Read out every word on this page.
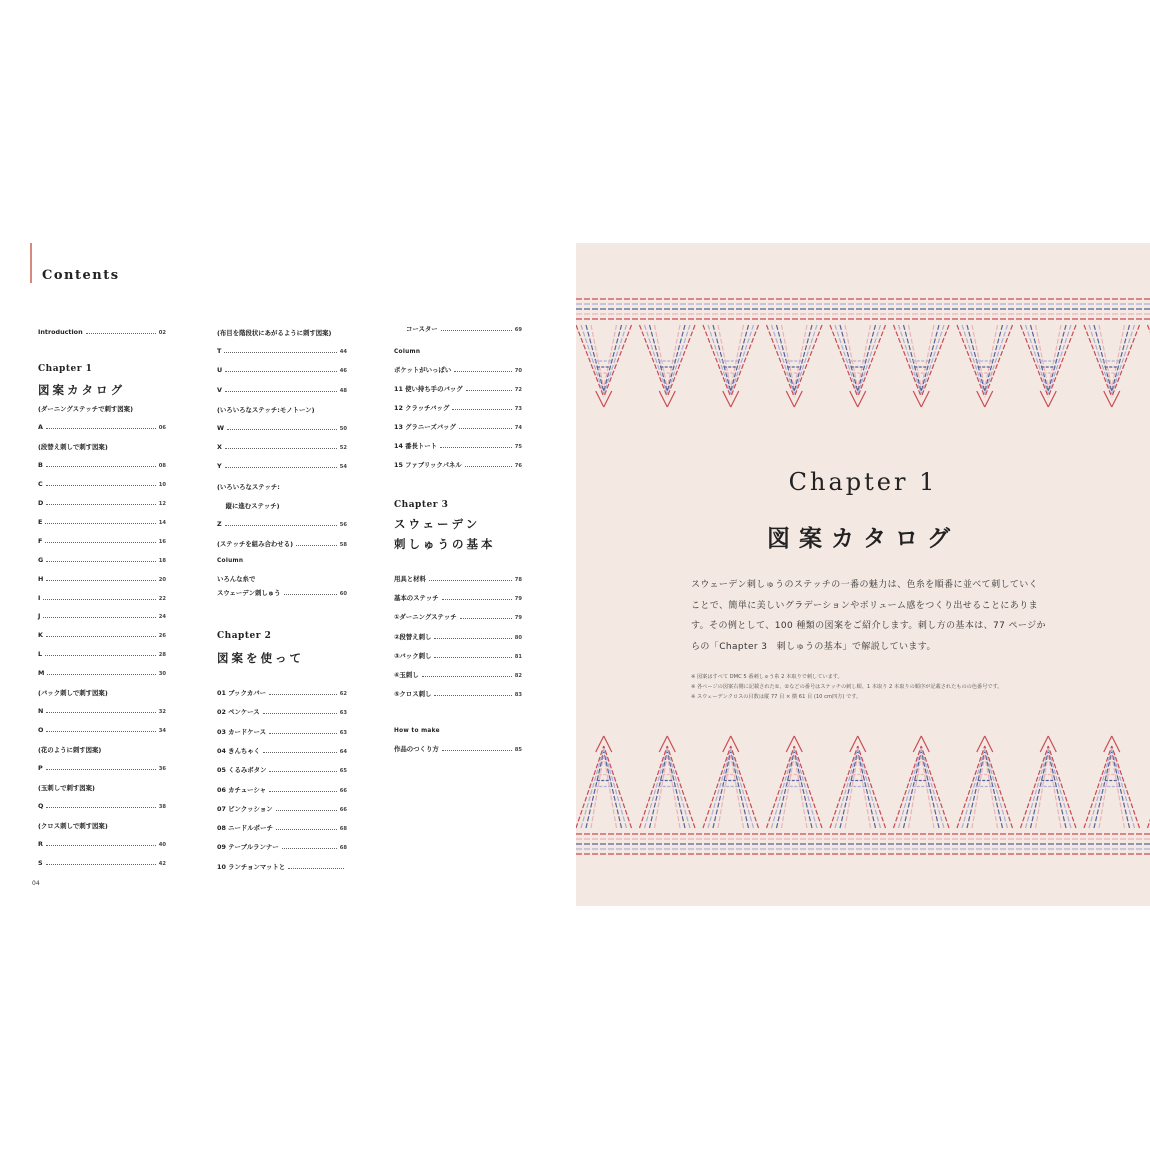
Contents
Introduction	02
Chapter 1
図案カタログ
(ダーニングステッチで刺す図案)
A	06
(段替え刺しで刺す図案)
B	08
C	10
D	12
E	14
F	16
G	18
H	20
I	22
J	24
K	26
L	28
M	30
(バック刺しで刺す図案)
N	32
O	34
(花のように刺す図案)
P	36
(玉刺しで刺す図案)
Q	38
(クロス刺しで刺す図案)
R	40
S	42
(布目を階段状にあがるように刺す図案)
T	44
U	46
V	48
(いろいろなステッチ:モノトーン)
W	50
X	52
Y	54
(いろいろなステッチ:
　 縦に進むステッチ)
Z	56
(ステッチを組み合わせる)	58
Column
いろんな糸で
スウェーデン刺しゅう	60
Chapter 2
図案を使って
01 ブックカバー	62
02 ペンケース	63
03 カードケース	63
04 きんちゃく	64
05 くるみボタン	65
06 カチューシャ	66
07 ピンクッション	66
08 ニードルポーチ	68
09 テーブルランナー	68
10 ランチョンマットと
コースター	69
Column
ポケットがいっぱい	70
11 使い持ち手のバッグ	72
12 クラッチバッグ	73
13 グラニーズバッグ	74
14 番長トート	75
15 ファブリックパネル	76
Chapter 3
スウェーデン
刺しゅうの基本
用具と材料	78
基本のステッチ	79
①ダーニングステッチ	79
②段替え刺し	80
③バック刺し	81
④玉刺し	82
⑤クロス刺し	83
How to make
作品のつくり方	85
04
Chapter 1
図案カタログ
スウェーデン刺しゅうのステッチの一番の魅力は、色糸を順番に並べて刺していく
ことで、簡単に美しいグラデーションやボリューム感をつくり出せることにありま
す。その例として、100 種類の図案をご紹介します。刺し方の基本は、77 ページか
らの「Chapter 3　刺しゅうの基本」で解説しています。
※ 図案はすべて DMC 5 番刺しゅう糸 2 本取りで刺しています。
※ 各ページの図案右側に記載された①、②などの番号はステッチの刺し順、1 本取り 2 本取りの順序が記載されたものの色番号です。
※ スウェーデンクロスの目数は縦 77 目 × 横 61 目 (10 cm四方) です。
